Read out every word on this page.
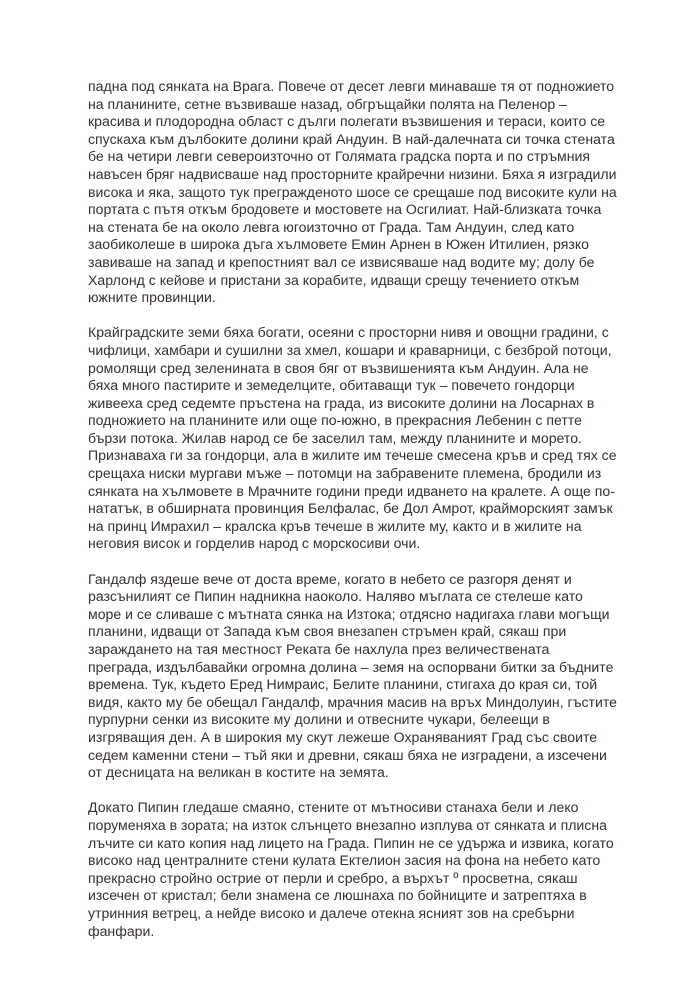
падна под сянката на Врага. Повече от десет левги минаваше тя от подножието
на планините, сетне възвиваше назад, обгръщайки полята на Пеленор –
красива и плодородна област с дълги полегати възвишения и тераси, които се
спускаха към дълбоките долини край Андуин. В най-далечната си точка стената
бе на четири левги североизточно от Голямата градска порта и по стръмния
навъсен бряг надвисваше над просторните крайречни низини. Бяха я изградили
висока и яка, защото тук прегражденото шосе се срещаше под високите кули на
портата с пътя откъм бродовете и мостовете на Осгилиат. Най-близката точка
на стената бе на около левга югоизточно от Града. Там Андуин, след като
заобиколеше в широка дъга хълмовете Емин Арнен в Южен Итилиен, рязко
завиваше на запад и крепостният вал се извисяваше над водите му; долу бе
Харлонд с кейове и пристани за корабите, идващи срещу течението откъм
южните провинции.

Крайградските земи бяха богати, осеяни с просторни нивя и овощни градини, с
чифлици, хамбари и сушилни за хмел, кошари и краварници, с безброй потоци,
ромолящи сред зеленината в своя бяг от възвишенията към Андуин. Ала не
бяха много пастирите и земеделците, обитаващи тук – повечето гондорци
живееха сред седемте пръстена на града, из високите долини на Лосарнах в
подножието на планините или още по-южно, в прекрасния Лебенин с петте
бързи потока. Жилав народ се бе заселил там, между планините и морето.
Признаваха ги за гондорци, ала в жилите им течеше смесена кръв и сред тях се
срещаха ниски мургави мъже – потомци на забравените племена, бродили из
сянката на хълмовете в Мрачните години преди идването на кралете. А още по-
нататък, в обширната провинция Белфалас, бе Дол Амрот, крайморският замък
на принц Имрахил – кралска кръв течеше в жилите му, както и в жилите на
неговия висок и горделив народ с морскосиви очи.

Гандалф яздеше вече от доста време, когато в небето се разгоря денят и
разсънилият се Пипин надникна наоколо. Наляво мъглата се стелеше като
море и се сливаше с мътната сянка на Изтока; отдясно надигаха глави могъщи
планини, идващи от Запада към своя внезапен стръмен край, сякаш при
зараждането на тая местност Реката бе нахлула през величествената
преграда, издълбавайки огромна долина – земя на оспорвани битки за бъдните
времена. Тук, където Еред Нимраис, Белите планини, стигаха до края си, той
видя, както му бе обещал Гандалф, мрачния масив на връх Миндолуин, гъстите
пурпурни сенки из високите му долини и отвесните чукари, белеещи в
изгряващия ден. А в широкия му скут лежеше Охраняваният Град със своите
седем каменни стени – тъй яки и древни, сякаш бяха не изградени, а изсечени
от десницата на великан в костите на земята.

Докато Пипин гледаше смаяно, стените от мътносиви станаха бели и леко
поруменяха в зората; на изток слънцето внезапно изплува от сянката и плисна
лъчите си като копия над лицето на Града. Пипин не се удържа и извика, когато
високо над централните стени кулата Ектелион засия на фона на небето като
прекрасно стройно острие от перли и сребро, а върхът º просветна, сякаш
изсечен от кристал; бели знамена се люшнаха по бойниците и затрептяха в
утринния ветрец, а нейде високо и далече отекна ясният зов на сребърни
фанфари.
